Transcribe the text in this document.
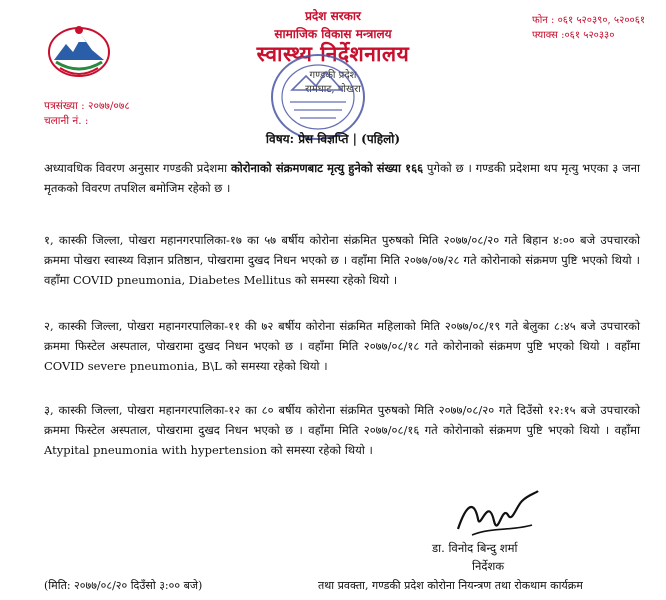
प्रदेश सरकार
सामाजिक विकास मन्त्रालय
स्वास्थ्य निर्देशनालय
गण्डकी प्रदेश
रामघाट, पोखरा
फोन : ०६१ ५२०३९०, ५२००६१
फ्याक्स :०६१ ५२०३३०
पत्रसंख्या : २०७७/०७८
चलानी नं. :
विषय: प्रेस विज्ञप्ति | (पहिलो)
अध्यावधिक विवरण अनुसार गण्डकी प्रदेशमा कोरोनाको संक्रमणबाट मृत्यु हुनेको संख्या १६६ पुगेको छ । गण्डकी प्रदेशमा थप मृत्यु भएका ३ जना मृतकको विवरण तपशिल बमोजिम रहेको छ ।
१, कास्की जिल्ला, पोखरा महानगरपालिका-१७ का ५७ बर्षीय कोरोना संक्रमित पुरुषको मिति २०७७/०८/२० गते बिहान ४:०० बजे उपचारको क्रममा पोखरा स्वास्थ्य विज्ञान प्रतिष्ठान, पोखरामा दुखद निधन भएको छ । वहाँमा मिति २०७७/०७/२८ गते कोरोनाको संक्रमण पुष्टि भएको थियो । वहाँमा COVID pneumonia, Diabetes Mellitus को समस्या रहेको थियो ।
२, कास्की जिल्ला, पोखरा महानगरपालिका-११ की ७२ बर्षीय कोरोना संक्रमित महिलाको मिति २०७७/०८/१९ गते बेलुका ८:४५ बजे उपचारको क्रममा फिस्टेल अस्पताल, पोखरामा दुखद निधन भएको छ । वहाँमा मिति २०७७/०८/१८ गते कोरोनाको संक्रमण पुष्टि भएको थियो । वहाँमा COVID severe pneumonia, B\L को समस्या रहेको थियो ।
३, कास्की जिल्ला, पोखरा महानगरपालिका-१२ का ८० बर्षीय कोरोना संक्रमित पुरुषको मिति २०७७/०८/२० गते दिउँसो १२:१५ बजे उपचारको क्रममा फिस्टेल अस्पताल, पोखरामा दुखद निधन भएको छ । वहाँमा मिति २०७७/०८/१६ गते कोरोनाको संक्रमण पुष्टि भएको थियो । वहाँमा Atypital pneumonia with hypertension को समस्या रहेको थियो ।
डा. विनोद बिन्दु शर्मा
निर्देशक
(मिति: २०७७/०८/२० दिउँसो ३:०० बजे)	तथा प्रवक्ता, गण्डकी प्रदेश कोरोना नियन्त्रण तथा रोकथाम कार्यक्रम
